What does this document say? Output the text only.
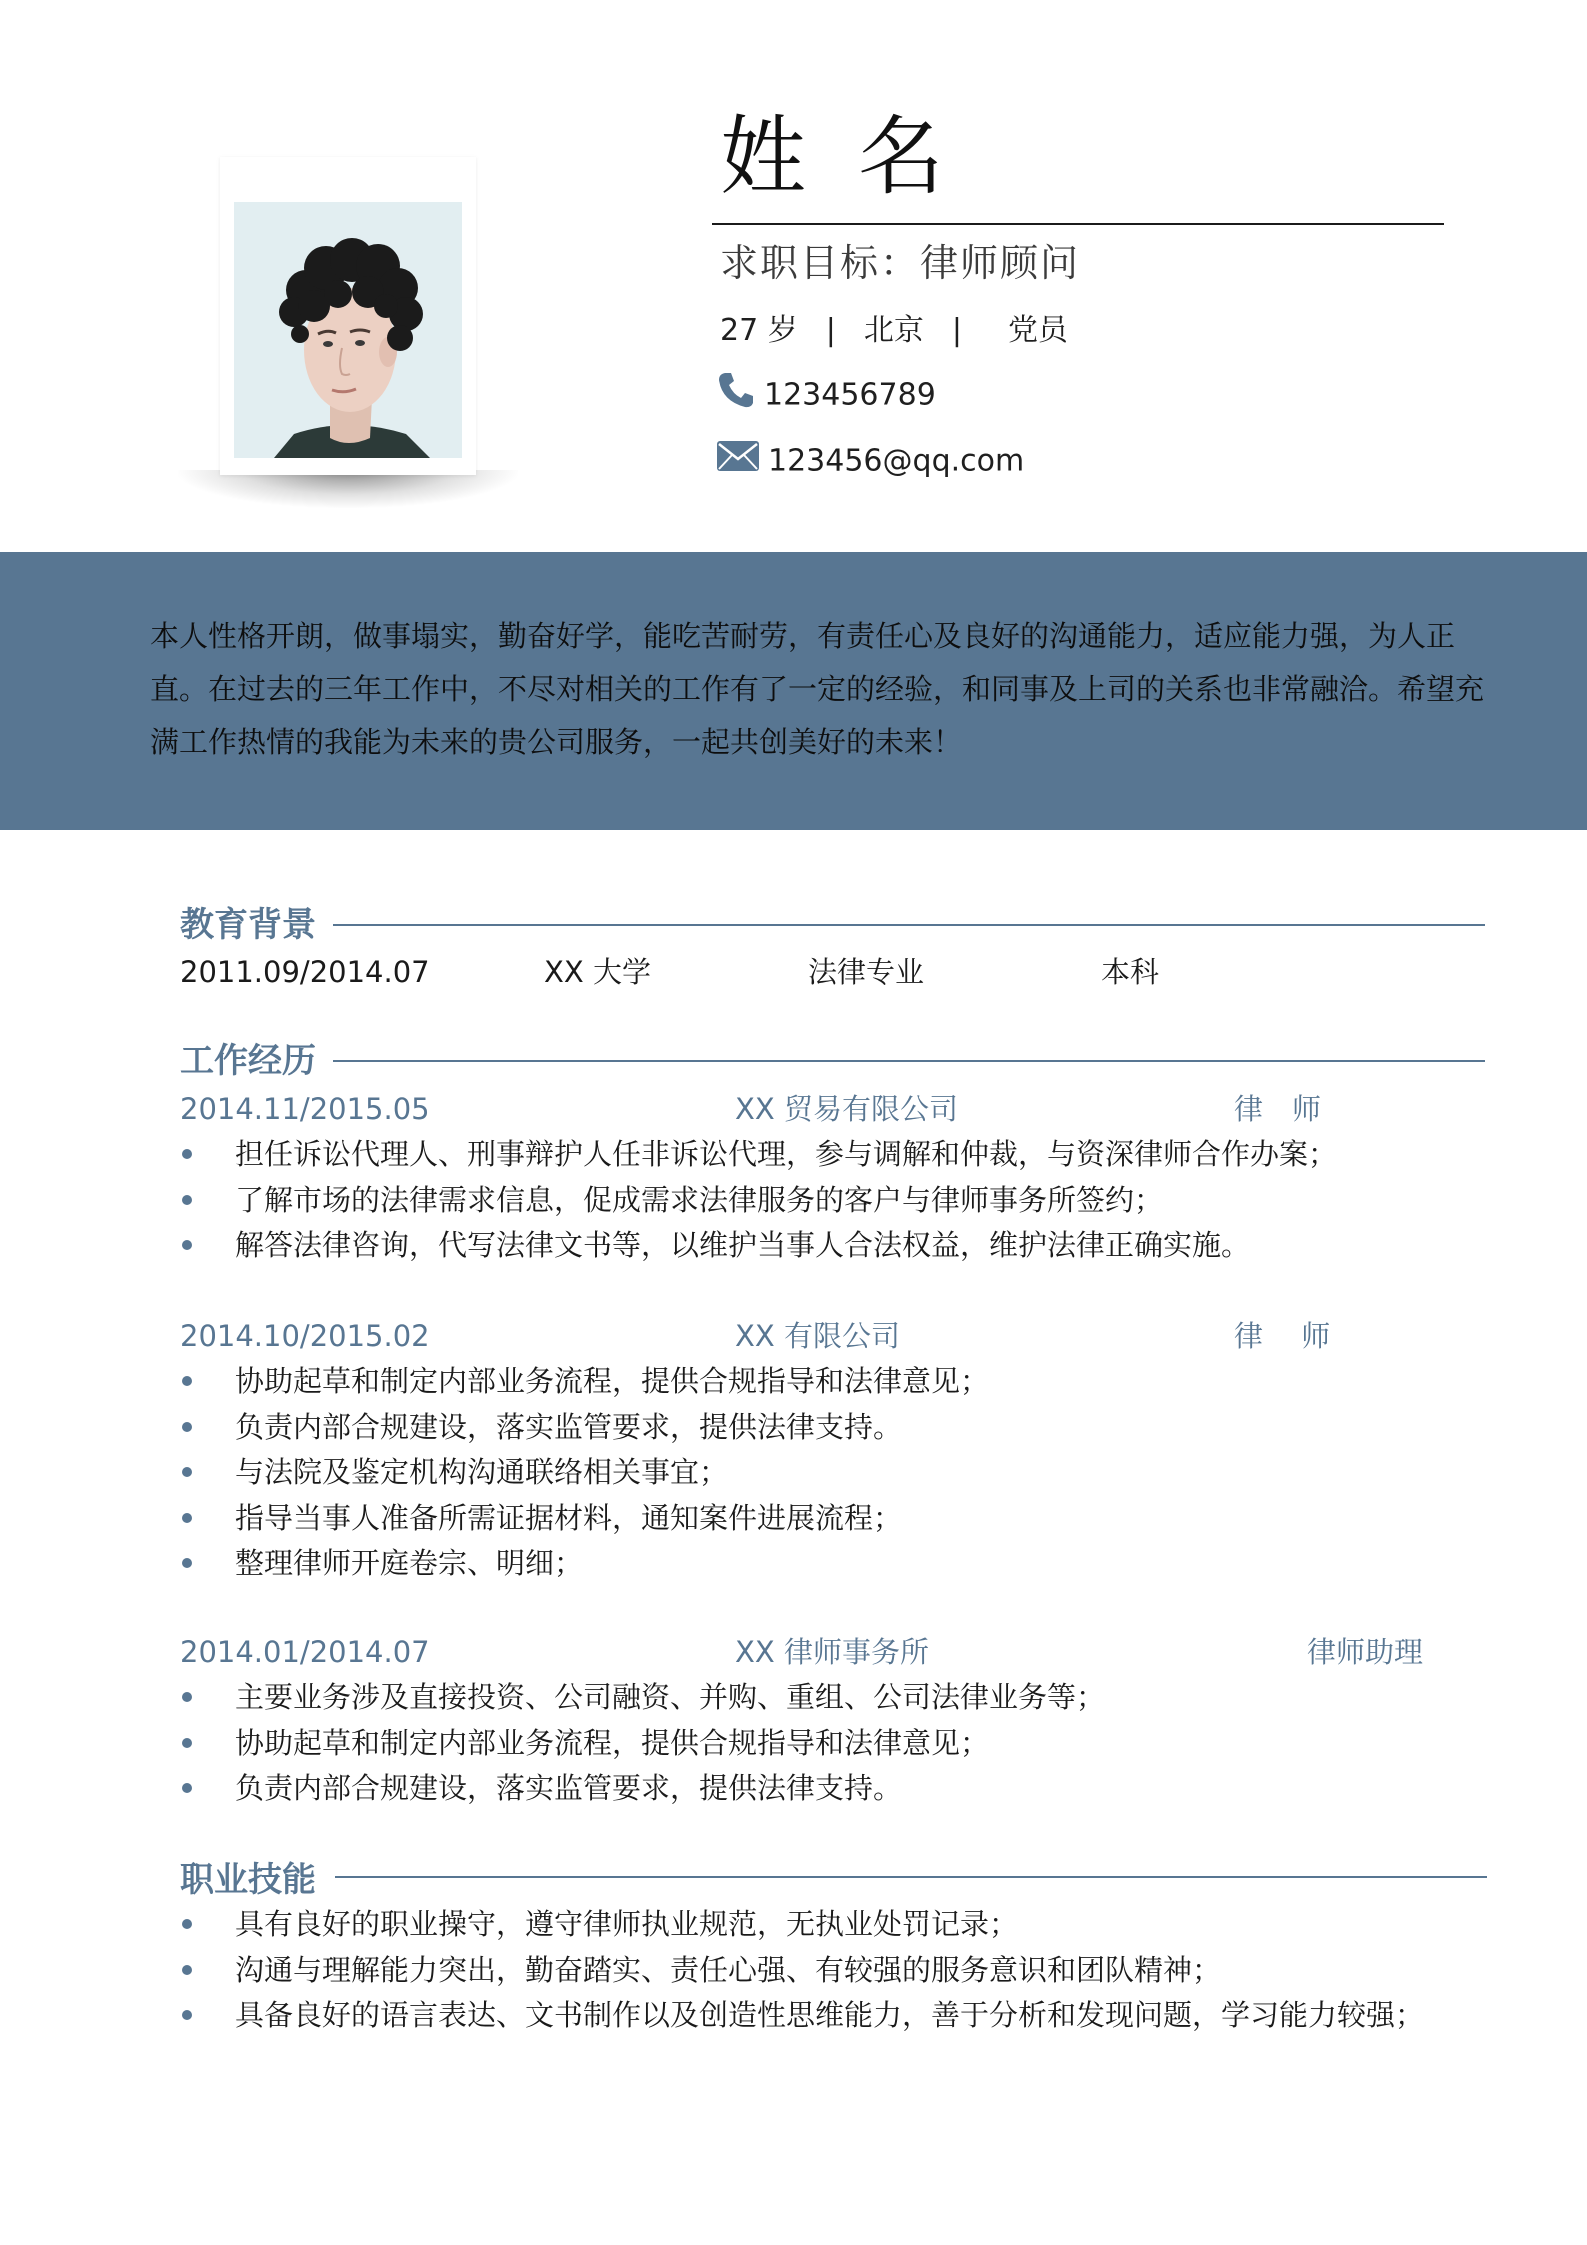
姓名
求职目标：律师顾问
27 岁 | 北京 | 党员
123456789
123456@qq.com
本人性格开朗，做事塌实，勤奋好学，能吃苦耐劳，有责任心及良好的沟通能力，适应能力强，为人正直。在过去的三年工作中，不尽对相关的工作有了一定的经验，和同事及上司的关系也非常融洽。希望充满工作热情的我能为未来的贵公司服务，一起共创美好的未来！
教育背景
2011.09/2014.07	XX 大学	法律专业	本科
工作经历
2014.11/2015.05	XX 贸易有限公司	律　师
担任诉讼代理人、刑事辩护人任非诉讼代理，参与调解和仲裁，与资深律师合作办案；
了解市场的法律需求信息，促成需求法律服务的客户与律师事务所签约；
解答法律咨询，代写法律文书等，以维护当事人合法权益，维护法律正确实施。
2014.10/2015.02	XX 有限公司	律　 师
协助起草和制定内部业务流程，提供合规指导和法律意见；
负责内部合规建设，落实监管要求，提供法律支持。
与法院及鉴定机构沟通联络相关事宜；
指导当事人准备所需证据材料，通知案件进展流程；
整理律师开庭卷宗、明细；
2014.01/2014.07	XX 律师事务所	律师助理
主要业务涉及直接投资、公司融资、并购、重组、公司法律业务等；
协助起草和制定内部业务流程，提供合规指导和法律意见；
负责内部合规建设，落实监管要求，提供法律支持。
职业技能
具有良好的职业操守，遵守律师执业规范，无执业处罚记录；
沟通与理解能力突出，勤奋踏实、责任心强、有较强的服务意识和团队精神；
具备良好的语言表达、文书制作以及创造性思维能力，善于分析和发现问题，学习能力较强；
